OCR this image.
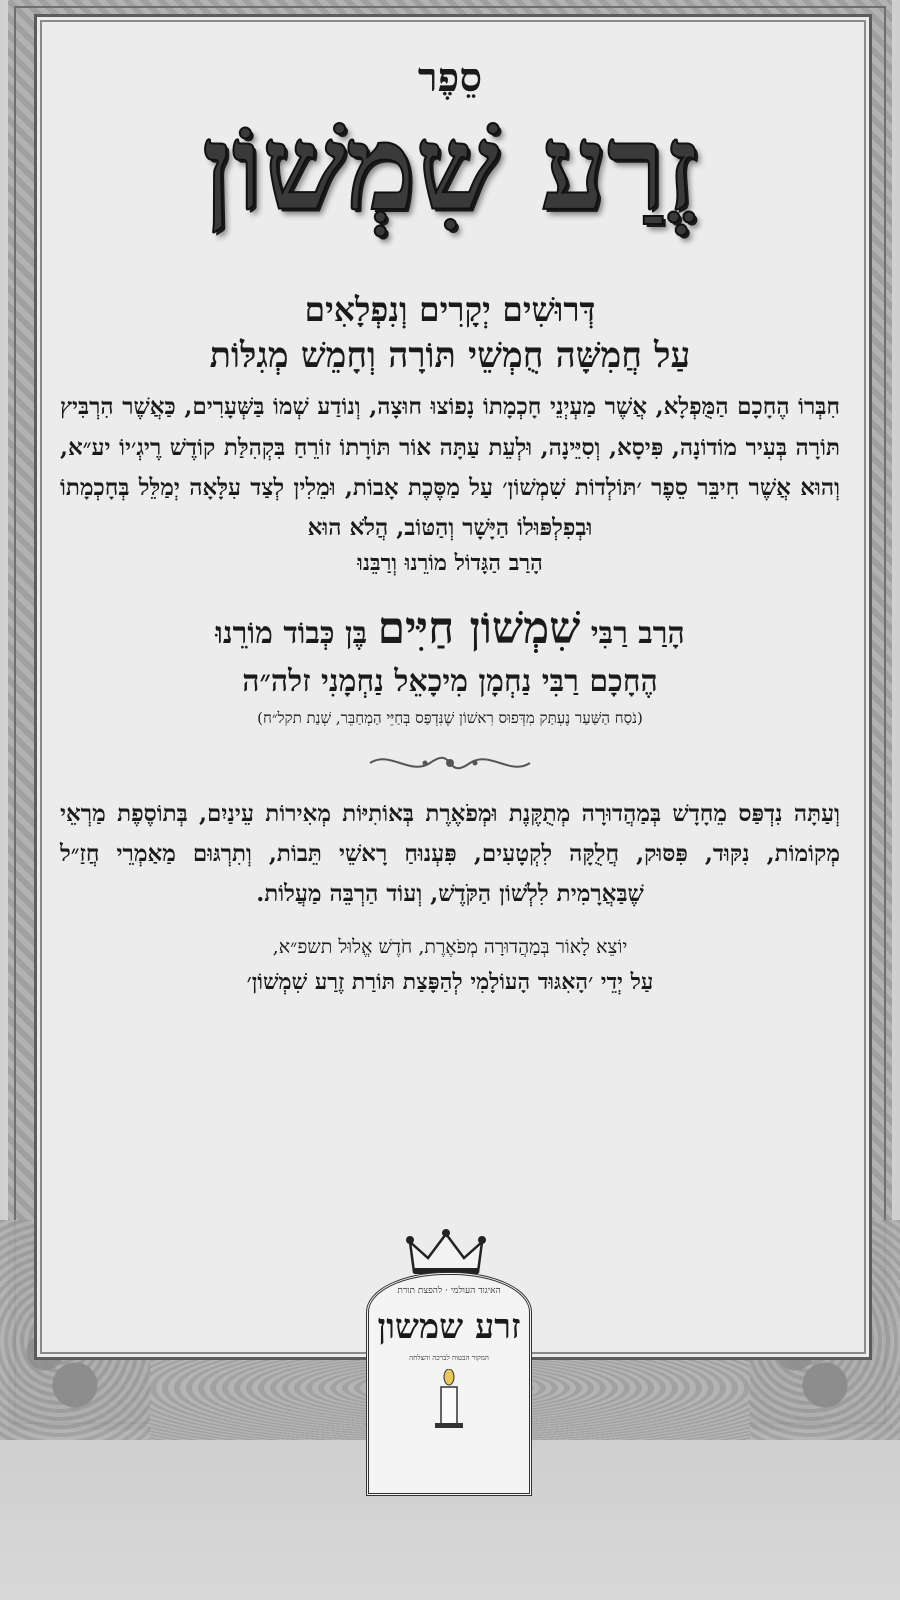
סֵפֶר
זֶרַע שִׁמְשׁוֹן
דְּרוּשִׁים יְקָרִים וְנִפְלָאִים
עַל חֲמִשָּׁה חֻמְשֵׁי תּוֹרָה וְחָמֵשׁ מְגִלּוֹת
חִבְּרוֹ הֶחָכָם הַמֻּפְלָא, אֲשֶׁר מַעְיְנֵי חָכְמָתוֹ נָפוֹצוּ חוּצָה, וְנוֹדַע שְׁמוֹ בַּשְּׁעָרִים, כַּאֲשֶׁר הִרְבִּיץ תּוֹרָה בְּעִיר מוֹדוֹנָה, פִּיסָא, וְסִיֵּינָה, וּלְעֵת עַתָּה אוֹר תּוֹרָתוֹ זוֹרֵחַ בִּקְהִלַּת קוֹדֶשׁ רֶיגְ׳יוֹ יע״א, וְהוּא אֲשֶׁר חִיבֵּר סֵפֶר ׳תּוֹלְדוֹת שִׁמְשׁוֹן׳ עַל מַסֶּכֶת אָבוֹת, וּמֵלִין לְצַד עִלָּאָה יְמַלֵּל בְּחָכְמָתוֹ וּבְפִלְפּוּלוֹ הַיָּשָׁר וְהַטּוֹב, הֲלֹא הוּא
הָרַב הַגָּדוֹל מוֹרֵנוּ וְרַבֵּנוּ
הָרַב רַבִּי שִׁמְשׁוֹן חַיִּים בֶּן כְּבוֹד מוֹרֵנוּ
הֶחָכָם רַבִּי נַחְמָן מִיכָאֵל נַחְמָנִי זלה״ה
(נֹסַח הַשַּׁעַר נֶעְתַּק מִדְּפוּס רִאשׁוֹן שֶׁנִּדְפַּס בְּחַיֵּי הַמְחַבֵּר, שְׁנַת תקל״ח)
וְעַתָּה נִדְפַּס מֵחָדָשׁ בְּמַהֲדוּרָה מְתֻקֶּנֶת וּמְפֹאֶרֶת בְּאוֹתִיּוֹת מְאִירוֹת עֵינַיִם, בְּתוֹסֶפֶת מַרְאֵי מְקוֹמוֹת, נִקּוּד, פִּסּוּק, חֲלֻקָּה לִקְטָעִים, פִּעְנוּחַ רָאשֵׁי תֵּבוֹת, וְתִרְגּוּם מַאַמְרֵי חֲזַ״ל שֶׁבַּאֲרָמִית לִלְשׁוֹן הַקֹּדֶשׁ, וְעוֹד הַרְבֵּה מַעֲלוֹת.
יוֹצֵא לָאוֹר בְּמַהֲדוּרָה מְפֹאֶרֶת, חֹדֶשׁ אֱלוּל תשפ״א,
עַל יְדֵי ׳הָאִגּוּד הָעוֹלָמִי לְהַפָּצַת תּוֹרַת זֶרַע שִׁמְשׁוֹן׳
האיגוד העולמי · להפצת תורת
זרע שמשון
המקור הבטוח לברכה והצלחה
